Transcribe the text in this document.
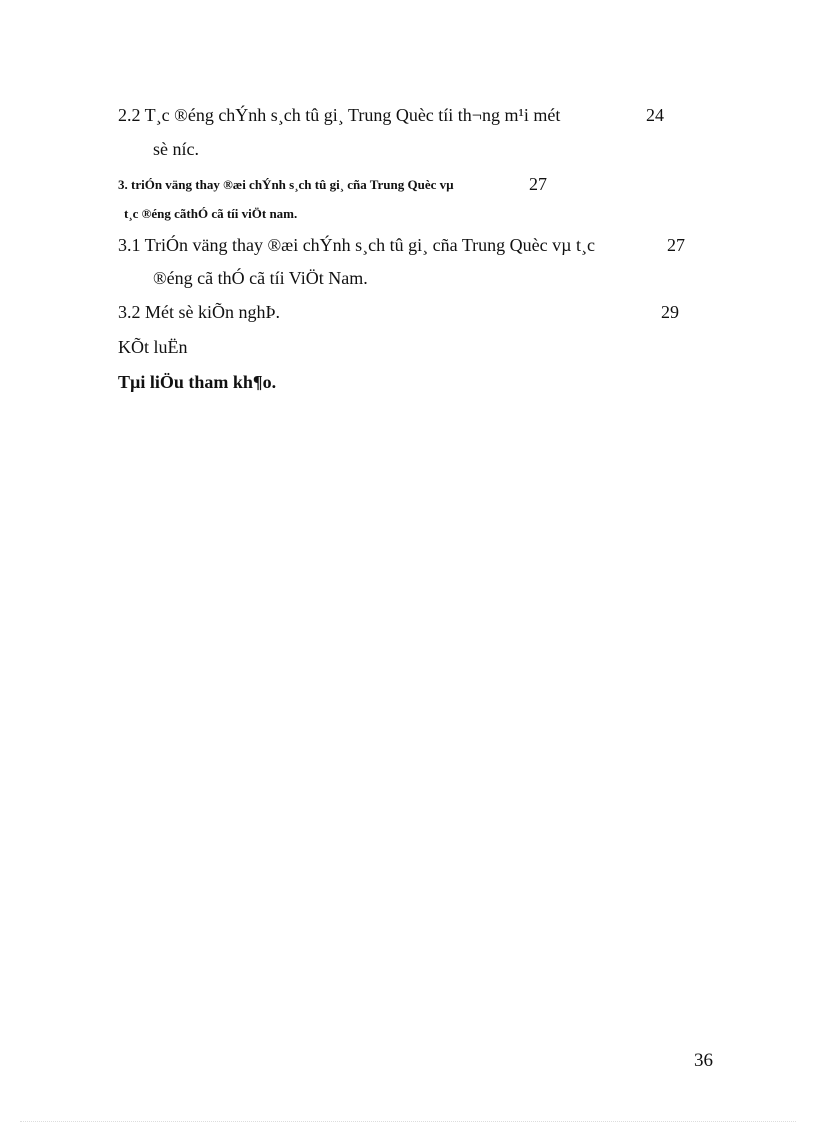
2.2 T¸c ®éng chÝnh s¸ch tû gi¸ Trung Quèc tíi th¬ng m¹i mét	24
sè níc.
3. triÓn väng thay ®æi chÝnh s¸ch tû gi¸ cña Trung Quèc vµ	27
t¸c ®éng cãthÓ cã tíi viÖt nam.
3.1 TriÓn väng thay ®æi chÝnh s¸ch tû gi¸ cña Trung Quèc vµ t¸c	27
®éng cã thÓ cã tíi ViÖt Nam.
3.2 Mét sè kiÕn nghÞ.	29
KÕt luËn
Tµi liÖu tham kh¶o.
36
